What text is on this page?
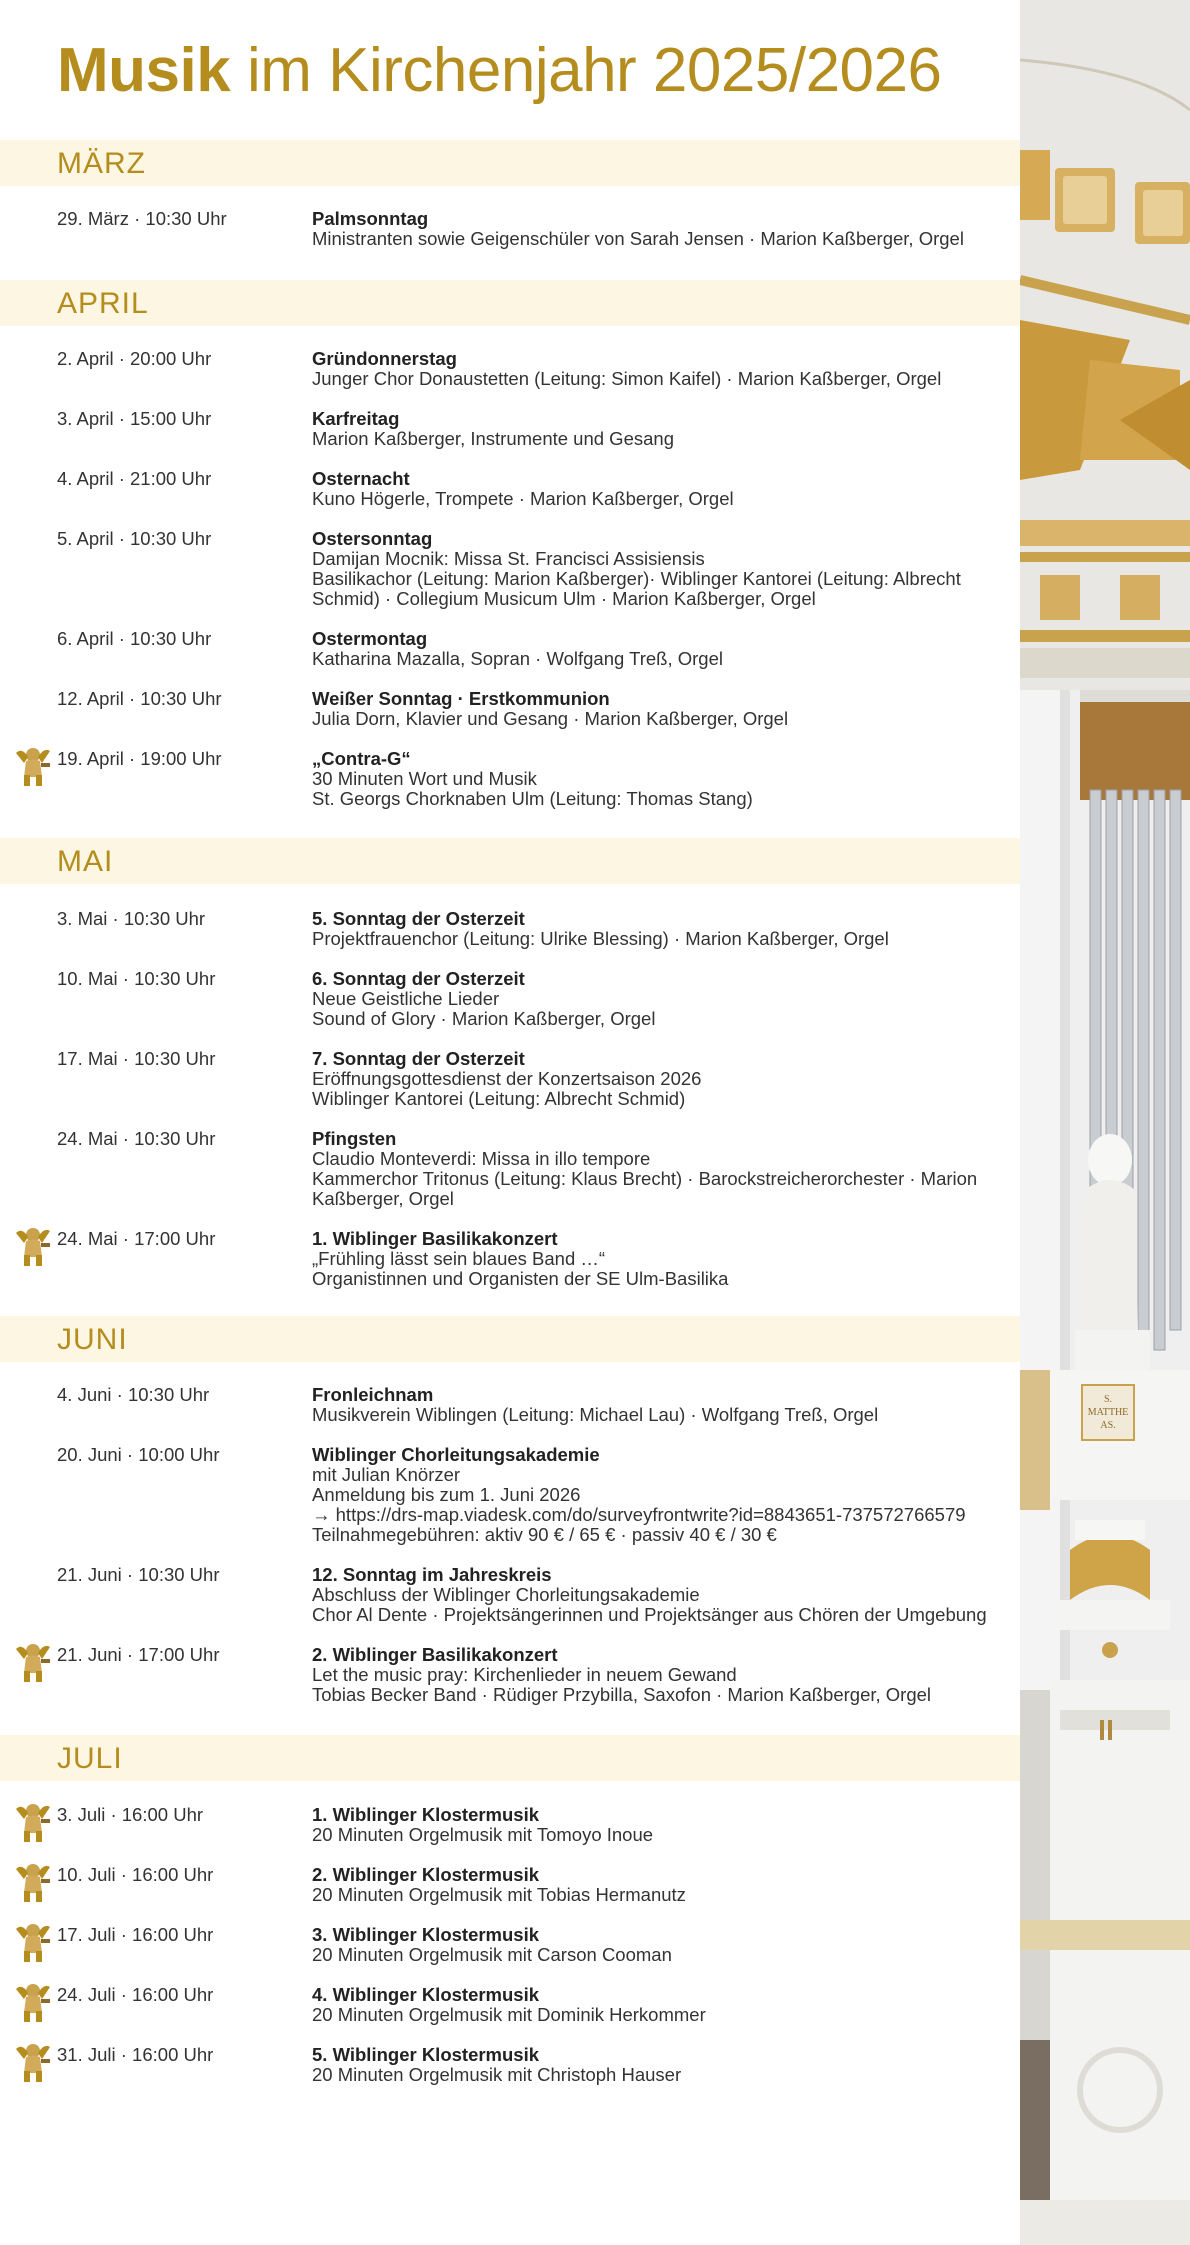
Musik im Kirchenjahr 2025/2026
MÄRZ
29. März · 10:30 Uhr	Palmsonntag
Ministranten sowie Geigenschüler von Sarah Jensen · Marion Kaßberger, Orgel
APRIL
2. April · 20:00 Uhr	Gründonnerstag
Junger Chor Donaustetten (Leitung: Simon Kaifel) · Marion Kaßberger, Orgel
3. April · 15:00 Uhr	Karfreitag
Marion Kaßberger, Instrumente und Gesang
4. April · 21:00 Uhr	Osternacht
Kuno Högerle, Trompete · Marion Kaßberger, Orgel
5. April · 10:30 Uhr	Ostersonntag
Damijan Mocnik: Missa St. Francisci Assisiensis
Basilikachor (Leitung: Marion Kaßberger)· Wiblinger Kantorei (Leitung: Albrecht
Schmid) · Collegium Musicum Ulm · Marion Kaßberger, Orgel
6. April · 10:30 Uhr	Ostermontag
Katharina Mazalla, Sopran · Wolfgang Treß, Orgel
12. April · 10:30 Uhr	Weißer Sonntag · Erstkommunion
Julia Dorn, Klavier und Gesang · Marion Kaßberger, Orgel
19. April · 19:00 Uhr	„Contra-G“
30 Minuten Wort und Musik
St. Georgs Chorknaben Ulm (Leitung: Thomas Stang)
MAI
3. Mai · 10:30 Uhr	5. Sonntag der Osterzeit
Projektfrauenchor (Leitung: Ulrike Blessing) · Marion Kaßberger, Orgel
10. Mai · 10:30 Uhr	6. Sonntag der Osterzeit
Neue Geistliche Lieder
Sound of Glory · Marion Kaßberger, Orgel
17. Mai · 10:30 Uhr	7. Sonntag der Osterzeit
Eröffnungsgottesdienst der Konzertsaison 2026
Wiblinger Kantorei (Leitung: Albrecht Schmid)
24. Mai · 10:30 Uhr	Pfingsten
Claudio Monteverdi: Missa in illo tempore
Kammerchor Tritonus (Leitung: Klaus Brecht) · Barockstreicherorchester · Marion
Kaßberger, Orgel
24. Mai · 17:00 Uhr	1. Wiblinger Basilikakonzert
„Frühling lässt sein blaues Band …“
Organistinnen und Organisten der SE Ulm-Basilika
JUNI
4. Juni · 10:30 Uhr	Fronleichnam
Musikverein Wiblingen (Leitung: Michael Lau) · Wolfgang Treß, Orgel
20. Juni · 10:00 Uhr	Wiblinger Chorleitungsakademie
mit Julian Knörzer
Anmeldung bis zum 1. Juni 2026
→ https://drs-map.viadesk.com/do/surveyfrontwrite?id=8843651-737572766579
Teilnahmegebühren: aktiv 90 € / 65 € · passiv 40 € / 30 €
21. Juni · 10:30 Uhr	12. Sonntag im Jahreskreis
Abschluss der Wiblinger Chorleitungsakademie
Chor Al Dente · Projektsängerinnen und Projektsänger aus Chören der Umgebung
21. Juni · 17:00 Uhr	2. Wiblinger Basilikakonzert
Let the music pray: Kirchenlieder in neuem Gewand
Tobias Becker Band · Rüdiger Przybilla, Saxofon · Marion Kaßberger, Orgel
JULI
3. Juli · 16:00 Uhr	1. Wiblinger Klostermusik
20 Minuten Orgelmusik mit Tomoyo Inoue
10. Juli · 16:00 Uhr	2. Wiblinger Klostermusik
20 Minuten Orgelmusik mit Tobias Hermanutz
17. Juli · 16:00 Uhr	3. Wiblinger Klostermusik
20 Minuten Orgelmusik mit Carson Cooman
24. Juli · 16:00 Uhr	4. Wiblinger Klostermusik
20 Minuten Orgelmusik mit Dominik Herkommer
31. Juli · 16:00 Uhr	5. Wiblinger Klostermusik
20 Minuten Orgelmusik mit Christoph Hauser
S.
MATTHE
AS.
